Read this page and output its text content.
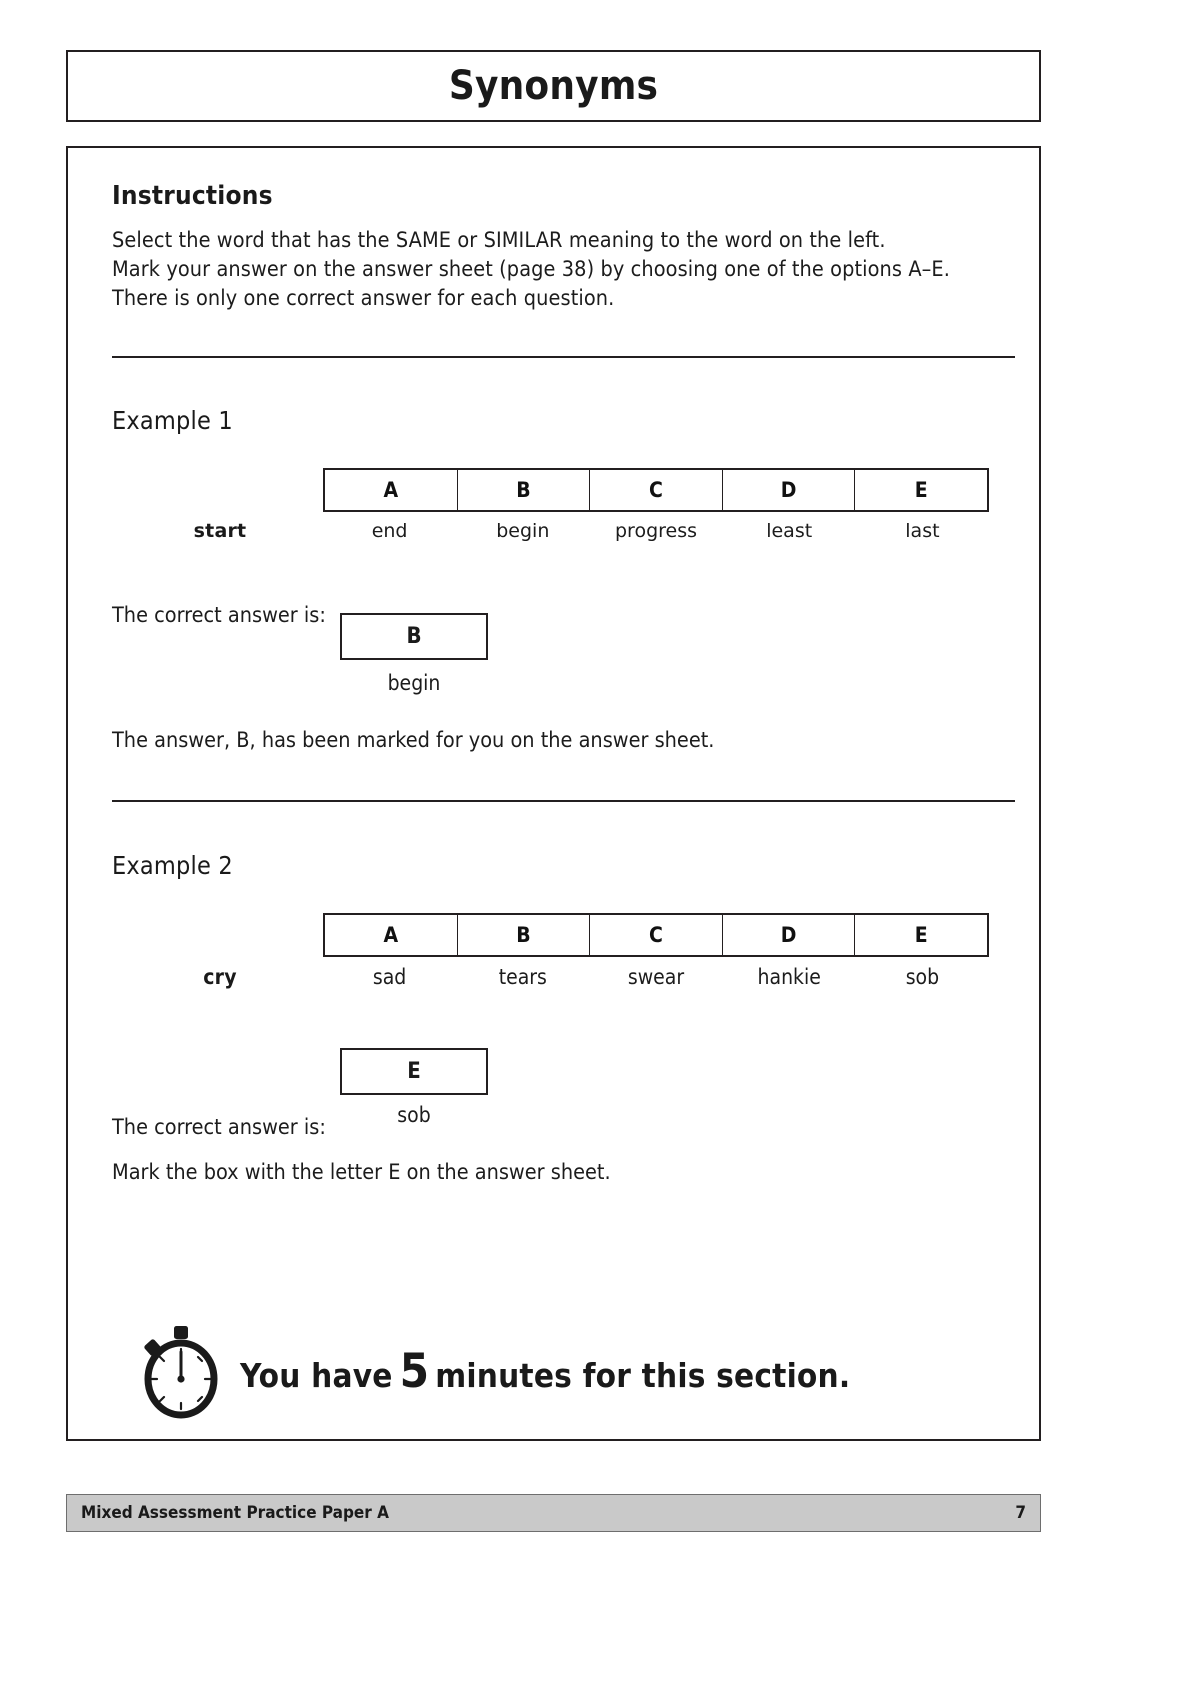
Synonyms
Instructions
Select the word that has the SAME or SIMILAR meaning to the word on the left.
Mark your answer on the answer sheet (page 38) by choosing one of the options A–E.
There is only one correct answer for each question.
Example 1
A	B	C	D	E
start	end	begin	progress	least	last
The correct answer is:
B
begin
The answer, B, has been marked for you on the answer sheet.
Example 2
A	B	C	D	E
cry	sad	tears	swear	hankie	sob
E
sob
The correct answer is:
Mark the box with the letter E on the answer sheet.
You have 5 minutes for this section.
Mixed Assessment Practice Paper A	7
